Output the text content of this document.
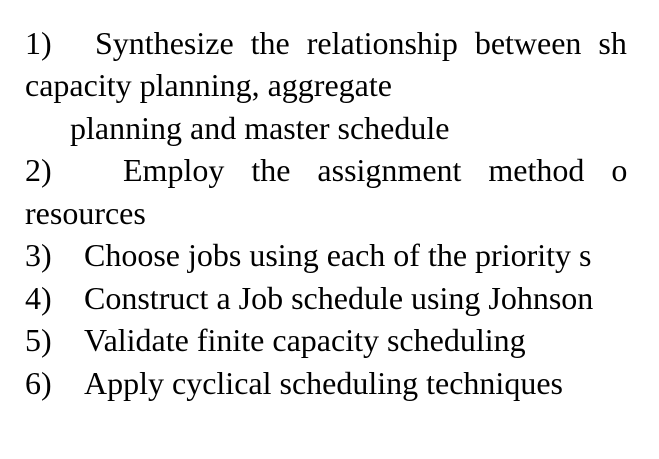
1) Synthesize the relationship between sh
capacity planning, aggregate
planning and master schedule
2) Employ the assignment method o
resources
3) Choose jobs using each of the priority s
4) Construct a Job schedule using Johnson
5) Validate finite capacity scheduling
6) Apply cyclical scheduling techniques
